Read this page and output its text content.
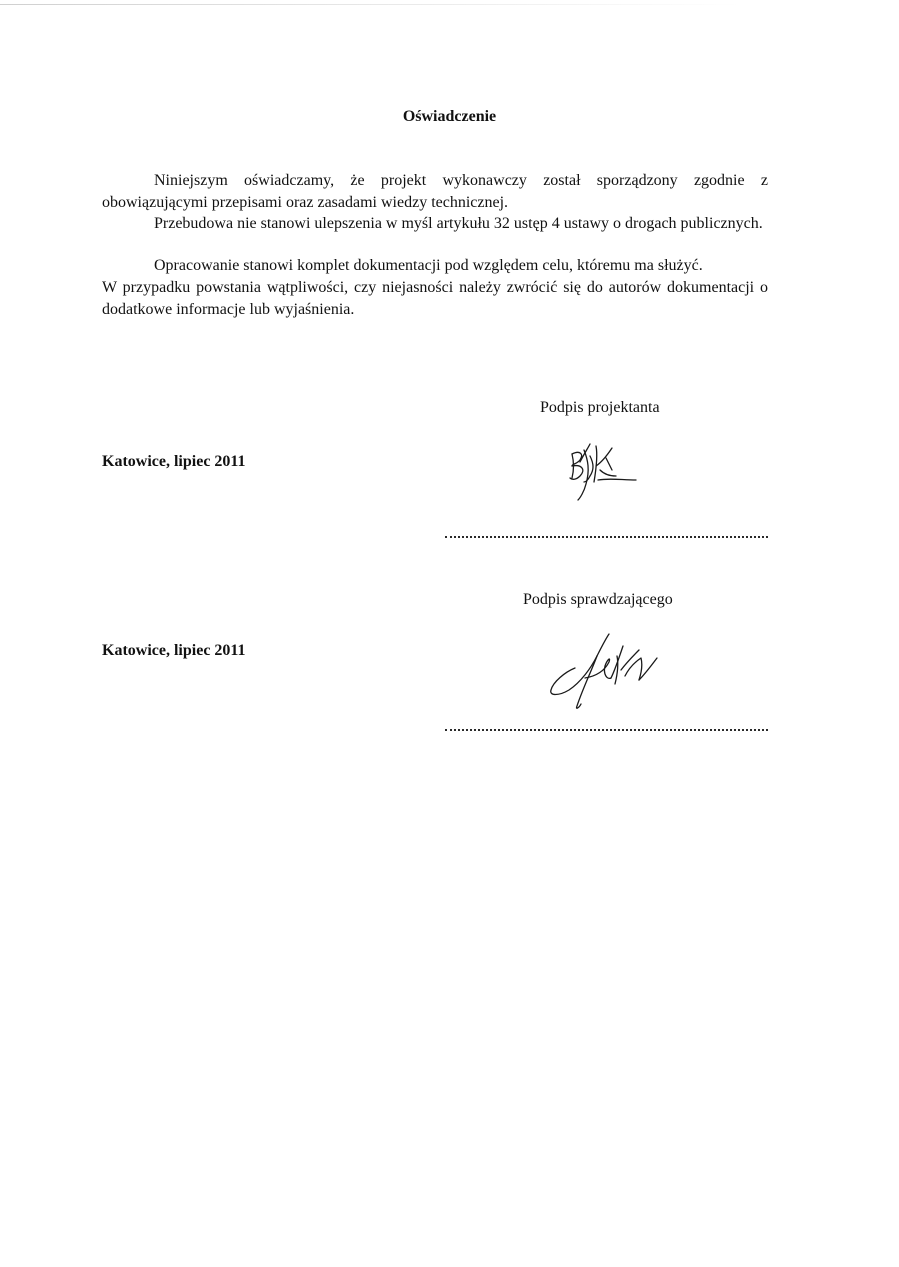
Oświadczenie

Niniejszym oświadczamy, że projekt wykonawczy został sporządzony zgodnie z obowiązującymi przepisami oraz zasadami wiedzy technicznej.

Przebudowa nie stanowi ulepszenia w myśl artykułu 32 ustęp 4 ustawy o drogach publicznych.

Opracowanie stanowi komplet dokumentacji pod względem celu, któremu ma służyć.

W przypadku powstania wątpliwości, czy niejasności należy zwrócić się do autorów dokumentacji o dodatkowe informacje lub wyjaśnienia.

Podpis projektanta
Katowice, lipiec 2011
Podpis sprawdzającego
Katowice, lipiec 2011
